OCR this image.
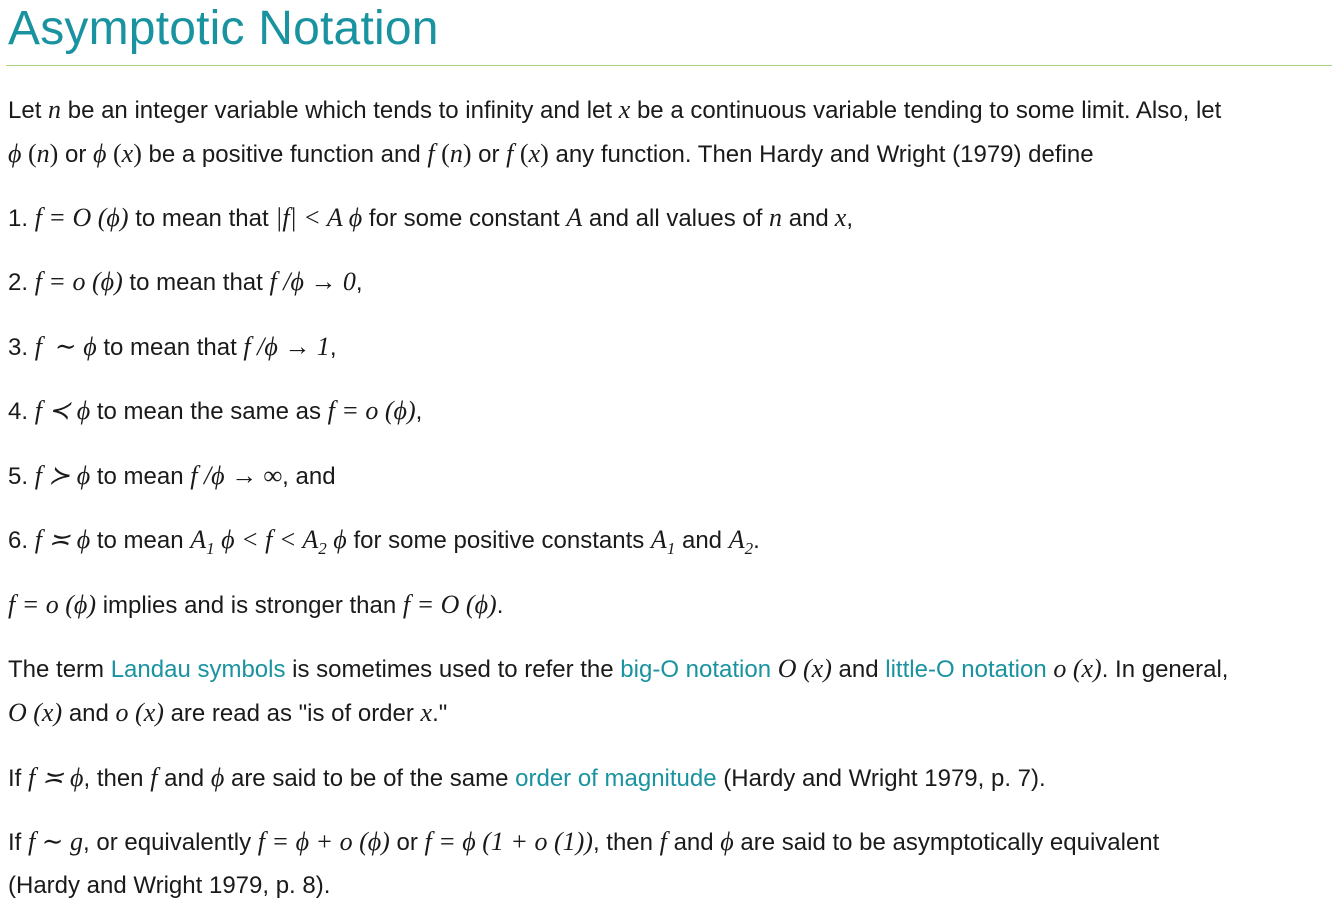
Asymptotic Notation

Let n be an integer variable which tends to infinity and let x be a continuous variable tending to some limit. Also, let

ϕ (n) or ϕ (x) be a positive function and f (n) or f (x) any function. Then Hardy and Wright (1979) define

1. f = O (ϕ) to mean that |f| < A ϕ for some constant A and all values of n and x,

2. f = o (ϕ) to mean that f /ϕ → 0,

3. f  ∼ ϕ to mean that f /ϕ → 1,

4. f ≺ ϕ to mean the same as f = o (ϕ),

5. f ≻ ϕ to mean f /ϕ → ∞, and

6. f ≍ ϕ to mean $A_1$ $\phi < f < A_2$ ϕ for some positive constants $A_1$ and $A_2$.

f = o (ϕ) implies and is stronger than f = O (ϕ).

The term Landau symbols is sometimes used to refer the big-O notation O (x) and little-O notation o (x). In general,

O (x) and o (x) are read as "is of order x."

If f ≍ ϕ, then f and ϕ are said to be of the same order of magnitude (Hardy and Wright 1979, p. 7).

If f ∼ g, or equivalently f = ϕ + o (ϕ) or f = ϕ (1 + o (1)), then f and ϕ are said to be asymptotically equivalent

(Hardy and Wright 1979, p. 8).
